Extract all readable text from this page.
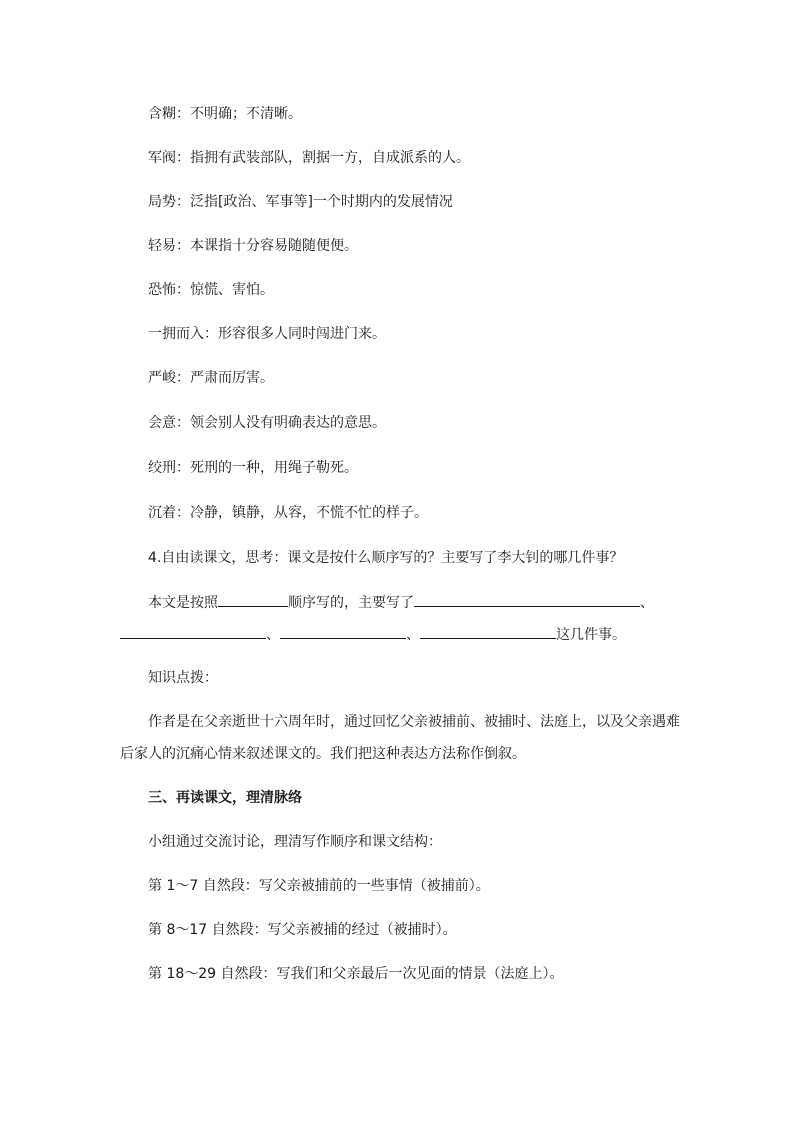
含糊：不明确；不清晰。
军阀：指拥有武装部队，割据一方，自成派系的人。
局势：泛指[政治、军事等]一个时期内的发展情况
轻易：本课指十分容易随随便便。
恐怖：惊慌、害怕。
一拥而入：形容很多人同时闯进门来。
严峻：严肃而厉害。
会意：领会别人没有明确表达的意思。
绞刑：死刑的一种，用绳子勒死。
沉着：冷静，镇静，从容，不慌不忙的样子。
4.自由读课文，思考：课文是按什么顺序写的？主要写了李大钊的哪几件事？
本文是按照	顺序写的，主要写了	、
、	、	这几件事。
知识点拨：
作者是在父亲逝世十六周年时，通过回忆父亲被捕前、被捕时、法庭上，以及父亲遇难
后家人的沉痛心情来叙述课文的。我们把这种表达方法称作倒叙。
三、再读课文，理清脉络
小组通过交流讨论，理清写作顺序和课文结构：
第 1～7 自然段：写父亲被捕前的一些事情（被捕前）。
第 8～17 自然段：写父亲被捕的经过（被捕时）。
第 18～29 自然段：写我们和父亲最后一次见面的情景（法庭上）。
